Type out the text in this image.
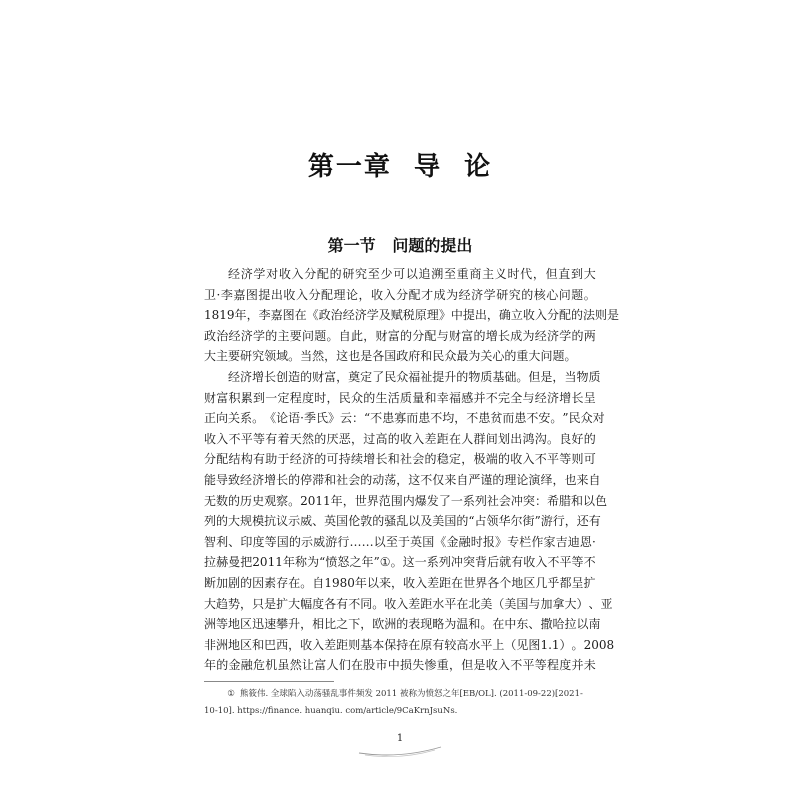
第一章  导  论
第一节   问题的提出
经 济 学 对 收 入 分 配 的 研 究 至 少 可 以 追 溯 至 重 商 主 义 时 代 ， 但 直 到 大
卫 · 李 嘉 图 提 出 收 入 分 配 理 论 ， 收 入 分 配 才 成 为 经 济 学 研 究 的 核 心 问 题 。
1819 年 ， 李 嘉 图 在 《 政 治 经 济 学 及 赋 税 原 理 》 中 提 出 ， 确 立 收 入 分 配 的 法 则 是
政 治 经 济 学 的 主 要 问 题 。 自 此 ， 财 富 的 分 配 与 财 富 的 增 长 成 为 经 济 学 的 两
大 主 要 研 究 领 域 。 当 然 ， 这 也 是 各 国 政 府 和 民 众 最 为 关 心 的 重 大 问 题 。
经 济 增 长 创 造 的 财 富 ， 奠 定 了 民 众 福 祉 提 升 的 物 质 基 础 。 但 是 ， 当 物 质
财 富 积 累 到 一 定 程 度 时 ， 民 众 的 生 活 质 量 和 幸 福 感 并 不 完 全 与 经 济 增 长 呈
正 向 关 系 。 《 论 语 · 季 氏 》 云 ： “ 不 患 寡 而 患 不 均 ， 不 患 贫 而 患 不 安 。 ” 民 众 对
收 入 不 平 等 有 着 天 然 的 厌 恶 ， 过 高 的 收 入 差 距 在 人 群 间 划 出 鸿 沟 。 良 好 的
分 配 结 构 有 助 于 经 济 的 可 持 续 增 长 和 社 会 的 稳 定 ， 极 端 的 收 入 不 平 等 则 可
能 导 致 经 济 增 长 的 停 滞 和 社 会 的 动 荡 ， 这 不 仅 来 自 严 谨 的 理 论 演 绎 ， 也 来 自
无 数 的 历 史 观 察 。 2011 年 ， 世 界 范 围 内 爆 发 了 一 系 列 社 会 冲 突 ： 希 腊 和 以 色
列 的 大 规 模 抗 议 示 威 、 英 国 伦 敦 的 骚 乱 以 及 美 国 的 “ 占 领 华 尔 街 ” 游 行 ， 还 有
智 利 、 印 度 等 国 的 示 威 游 行 … … 以 至 于 英 国 《 金 融 时 报 》 专 栏 作 家 吉 迪 恩 ·
拉 赫 曼 把 2011 年 称 为 “ 愤 怒 之 年 ” ① 。 这 一 系 列 冲 突 背 后 就 有 收 入 不 平 等 不
断 加 剧 的 因 素 存 在 。 自 1980 年 以 来 ， 收 入 差 距 在 世 界 各 个 地 区 几 乎 都 呈 扩
大 趋 势 ， 只 是 扩 大 幅 度 各 有 不 同 。 收 入 差 距 水 平 在 北 美 （ 美 国 与 加 拿 大 ） 、 亚
洲 等 地 区 迅 速 攀 升 ， 相 比 之 下 ， 欧 洲 的 表 现 略 为 温 和 。 在 中 东 、 撒 哈 拉 以 南
非 洲 地 区 和 巴 西 ， 收 入 差 距 则 基 本 保 持 在 原 有 较 高 水 平 上 （ 见 图 1.1 ） 。 2008
年 的 金 融 危 机 虽 然 让 富 人 们 在 股 市 中 损 失 惨 重 ， 但 是 收 入 不 平 等 程 度 并 未
① 熊筱伟. 全球陷入动荡骚乱事件频发 2011 被称为愤怒之年[EB/OL]. (2011-09-22)[2021-
10-10]. https://finance. huanqiu. com/article/9CaKrnJsuNs.
1
